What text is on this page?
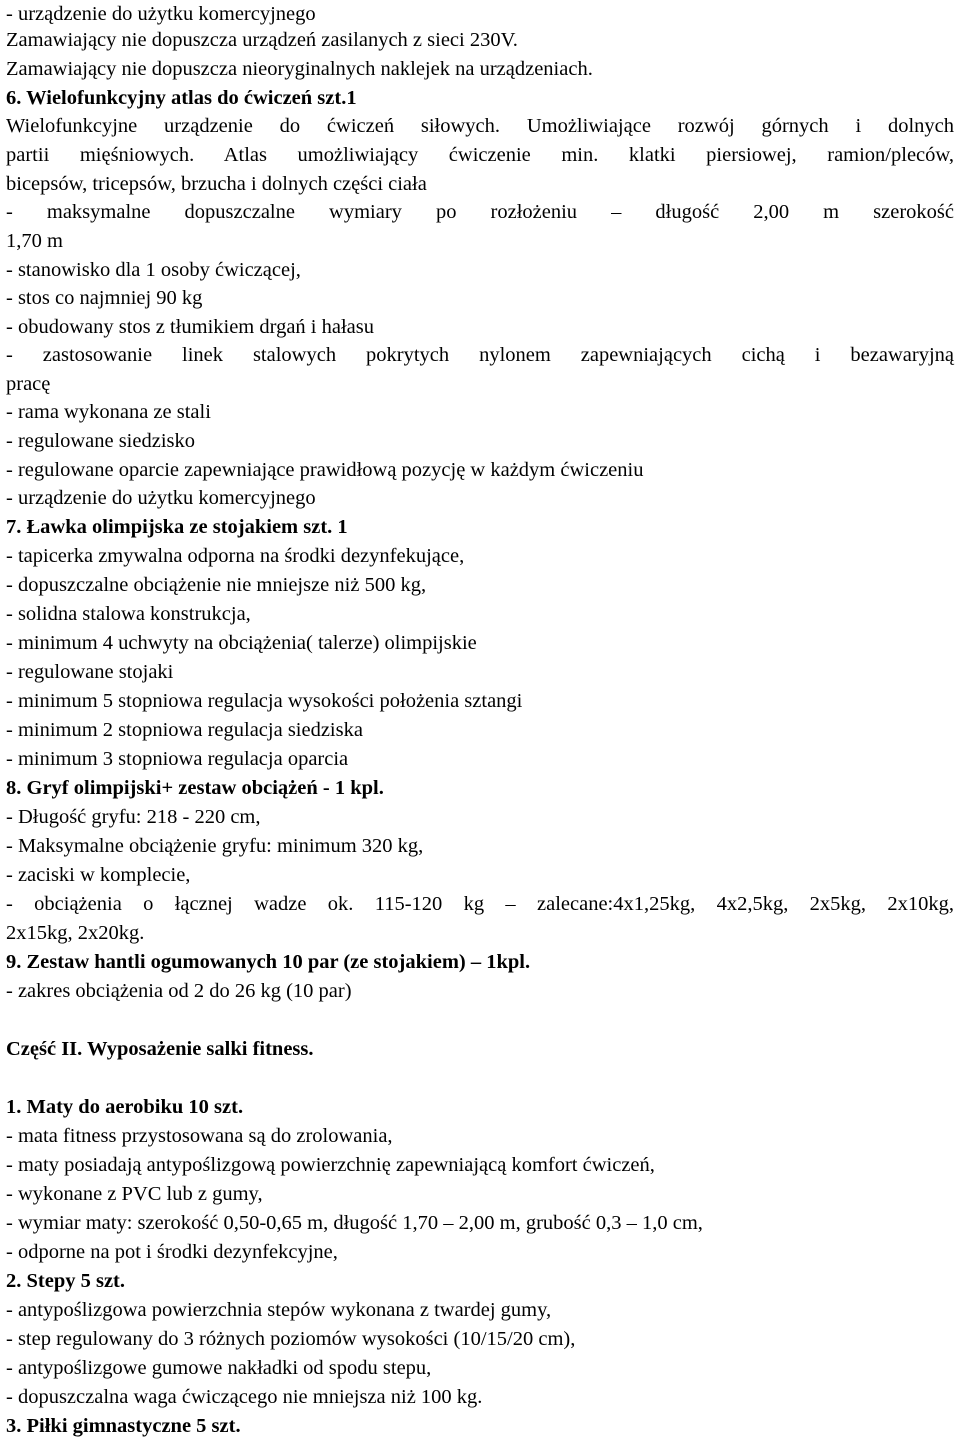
- urządzenie do użytku komercyjnego
Zamawiający nie dopuszcza urządzeń zasilanych z sieci 230V.
Zamawiający nie dopuszcza nieoryginalnych naklejek na urządzeniach.
6. Wielofunkcyjny atlas do ćwiczeń szt.1
Wielofunkcyjne urządzenie do ćwiczeń siłowych. Umożliwiające rozwój górnych i dolnych
partii mięśniowych. Atlas umożliwiający ćwiczenie min. klatki piersiowej, ramion/pleców,
bicepsów, tricepsów, brzucha i dolnych części ciała
- maksymalne dopuszczalne wymiary po rozłożeniu – długość 2,00 m szerokość
1,70 m
- stanowisko dla 1 osoby ćwiczącej,
- stos co najmniej 90 kg
- obudowany stos z tłumikiem drgań i hałasu
- zastosowanie linek stalowych pokrytych nylonem zapewniających cichą i bezawaryjną
pracę
- rama wykonana ze stali
- regulowane siedzisko
- regulowane oparcie zapewniające prawidłową pozycję w każdym ćwiczeniu
- urządzenie do użytku komercyjnego
7. Ławka olimpijska ze stojakiem szt. 1
- tapicerka zmywalna odporna na środki dezynfekujące,
- dopuszczalne obciążenie nie mniejsze niż 500 kg,
- solidna stalowa konstrukcja,
- minimum 4 uchwyty na obciążenia( talerze) olimpijskie
- regulowane stojaki
- minimum 5 stopniowa regulacja wysokości położenia sztangi
- minimum 2 stopniowa regulacja siedziska
- minimum 3 stopniowa regulacja oparcia
8. Gryf olimpijski+ zestaw obciążeń - 1 kpl.
- Długość gryfu: 218 - 220 cm,
- Maksymalne obciążenie gryfu: minimum 320 kg,
- zaciski w komplecie,
- obciążenia o łącznej wadze ok. 115-120 kg – zalecane:4x1,25kg, 4x2,5kg, 2x5kg, 2x10kg,
2x15kg, 2x20kg.
9. Zestaw hantli ogumowanych 10 par (ze stojakiem) – 1kpl.
- zakres obciążenia od 2 do 26 kg (10 par)
Część II. Wyposażenie salki fitness.
1. Maty do aerobiku 10 szt.
- mata fitness przystosowana są do zrolowania,
- maty posiadają antypoślizgową powierzchnię zapewniającą komfort ćwiczeń,
- wykonane z PVC lub z gumy,
- wymiar maty: szerokość 0,50-0,65 m, długość 1,70 – 2,00 m, grubość 0,3 – 1,0 cm,
- odporne na pot i środki dezynfekcyjne,
2. Stepy 5 szt.
- antypoślizgowa powierzchnia stepów wykonana z twardej gumy,
- step regulowany do 3 różnych poziomów wysokości (10/15/20 cm),
- antypoślizgowe gumowe nakładki od spodu stepu,
- dopuszczalna waga ćwiczącego nie mniejsza niż 100 kg.
3. Piłki gimnastyczne 5 szt.
